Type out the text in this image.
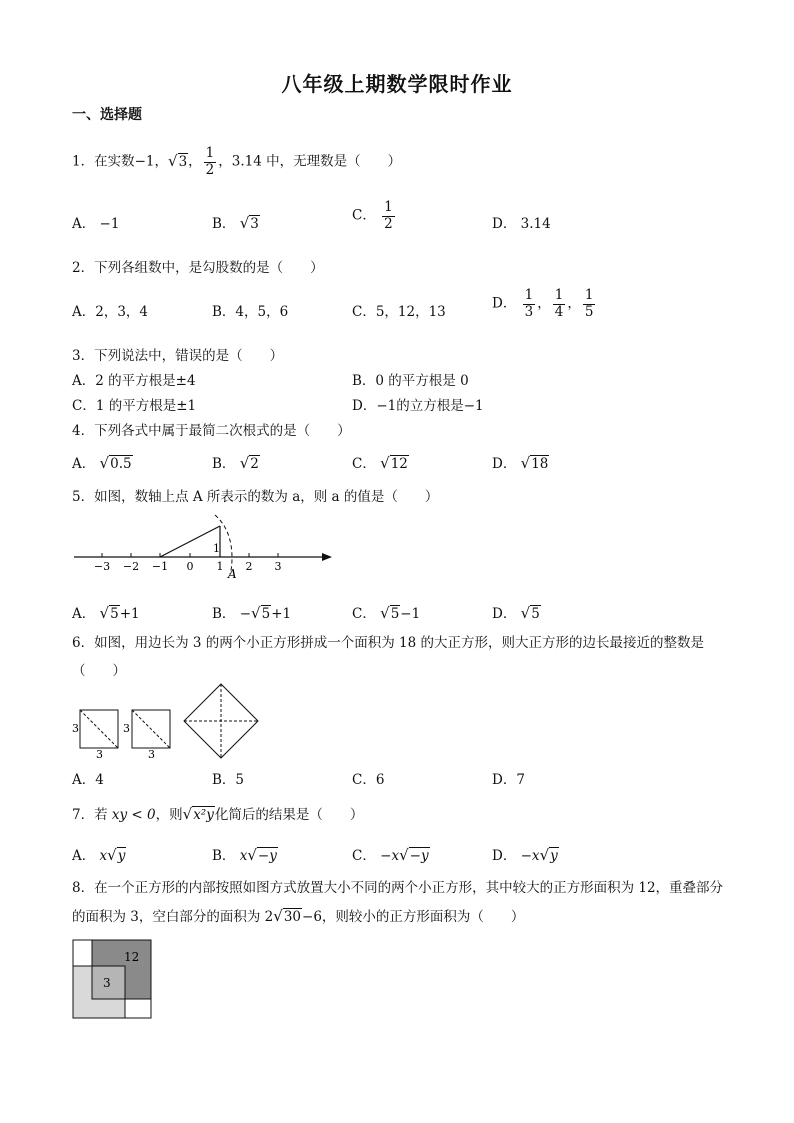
八年级上期数学限时作业
一、选择题
1．在实数−1，√3， $\frac{1}{2}$ ，3.14 中，无理数是（　　）
A． −1	B． √3
C． $\frac{1}{2}$	D． 3.14
2．下列各组数中，是勾股数的是（　　）
A．2，3，4	B．4，5，6	C．5，12，13
D． $\frac{1}{3}$ ， $\frac{1}{4}$ ， $\frac{1}{5}$
3．下列说法中，错误的是（　　）
A．2 的平方根是±4	B．0 的平方根是 0
C．1 的平方根是±1	D．−1的立方根是−1
4．下列各式中属于最简二次根式的是（　　）
A． √0.5	B． √2	C． √12	D． √18
5．如图，数轴上点 A 所表示的数为 a，则 a 的值是（　　）
−3 −2 −1 0 1 2 3
1
A
A． √5+1	B． −√5+1	C． √5−1	D． √5
6．如图，用边长为 3 的两个小正方形拼成一个面积为 18 的大正方形，则大正方形的边长最接近的整数是（　　）
3
3
3
3
A．4	B．5	C．6	D．7
7．若 xy < 0，则√x²y化简后的结果是（　　）
A． x√y	B． x√−y	C． −x√−y	D． −x√y
8．在一个正方形的内部按照如图方式放置大小不同的两个小正方形，其中较大的正方形面积为 12，重叠部分的面积为 3，空白部分的面积为 2√30−6，则较小的正方形面积为（　　）
12
3
